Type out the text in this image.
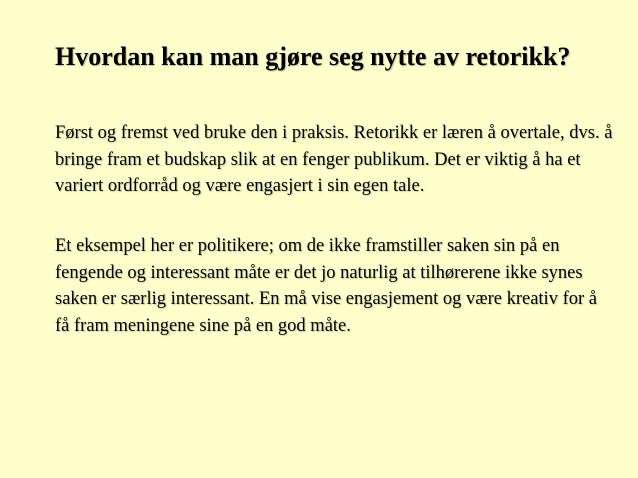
Hvordan kan man gjøre seg nytte av retorikk?

Først og fremst ved bruke den i praksis. Retorikk er læren å overtale, dvs. å bringe fram et budskap slik at en fenger publikum. Det er viktig å ha et variert ordforråd og være engasjert i sin egen tale.

Et eksempel her er politikere; om de ikke framstiller saken sin på en fengende og interessant måte er det jo naturlig at tilhørerene ikke synes saken er særlig interessant. En må vise engasjement og være kreativ for å få fram meningene sine på en god måte.
